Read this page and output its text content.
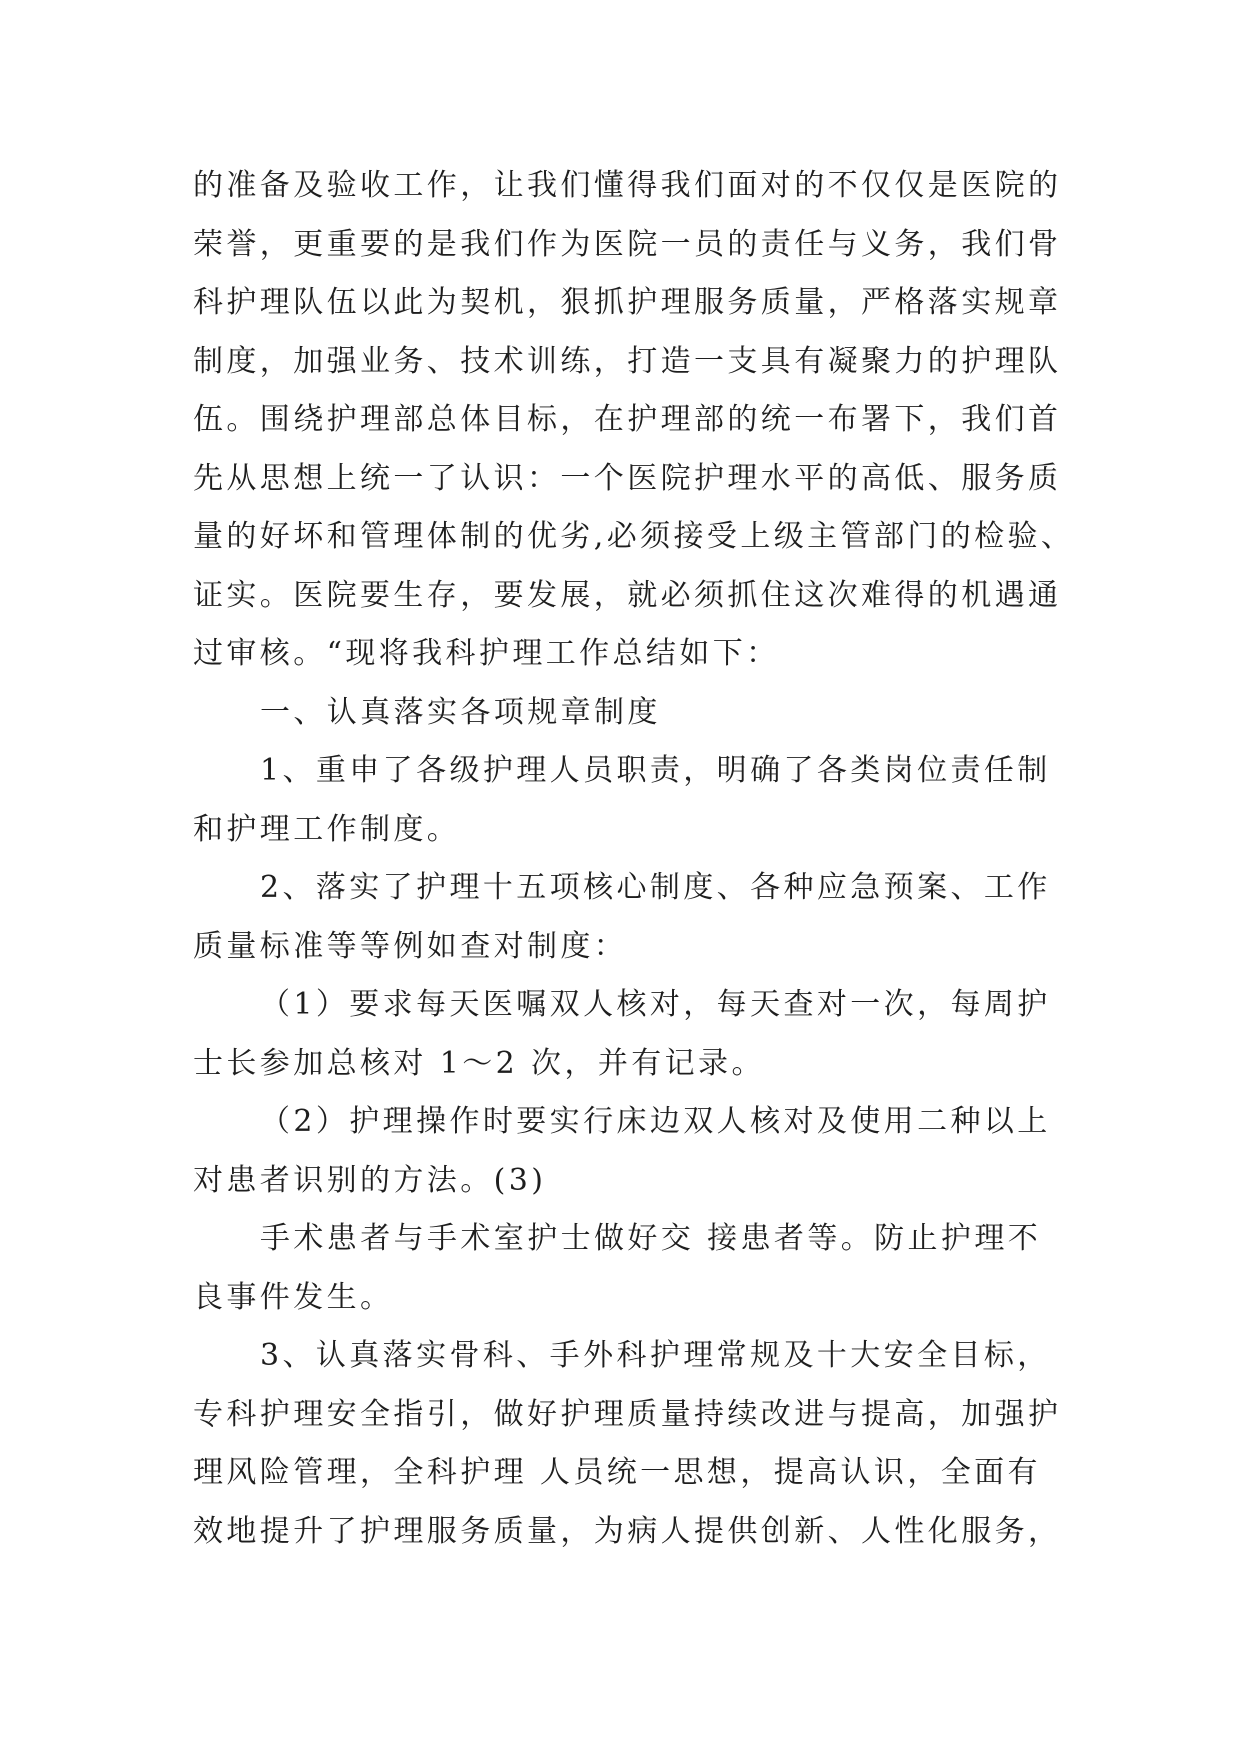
的准备及验收工作，让我们懂得我们面对的不仅仅是医院的
荣誉，更重要的是我们作为医院一员的责任与义务，我们骨
科护理队伍以此为契机，狠抓护理服务质量，严格落实规章
制度，加强业务、技术训练，打造一支具有凝聚力的护理队
伍。围绕护理部总体目标，在护理部的统一布署下，我们首
先从思想上统一了认识：一个医院护理水平的高低、服务质
量的好坏和管理体制的优劣,必须接受上级主管部门的检验、
证实。医院要生存，要发展，就必须抓住这次难得的机遇通
过审核。“现将我科护理工作总结如下：
一、认真落实各项规章制度
1、重申了各级护理人员职责，明确了各类岗位责任制
和护理工作制度。
2、落实了护理十五项核心制度、各种应急预案、工作
质量标准等等例如查对制度：
（1）要求每天医嘱双人核对，每天查对一次，每周护
士长参加总核对 1～2 次，并有记录。
（2）护理操作时要实行床边双人核对及使用二种以上
对患者识别的方法。(3)
手术患者与手术室护士做好交 接患者等。防止护理不
良事件发生。
3、认真落实骨科、手外科护理常规及十大安全目标，
专科护理安全指引，做好护理质量持续改进与提高，加强护
理风险管理，全科护理 人员统一思想，提高认识，全面有
效地提升了护理服务质量，为病人提供创新、人性化服务，
